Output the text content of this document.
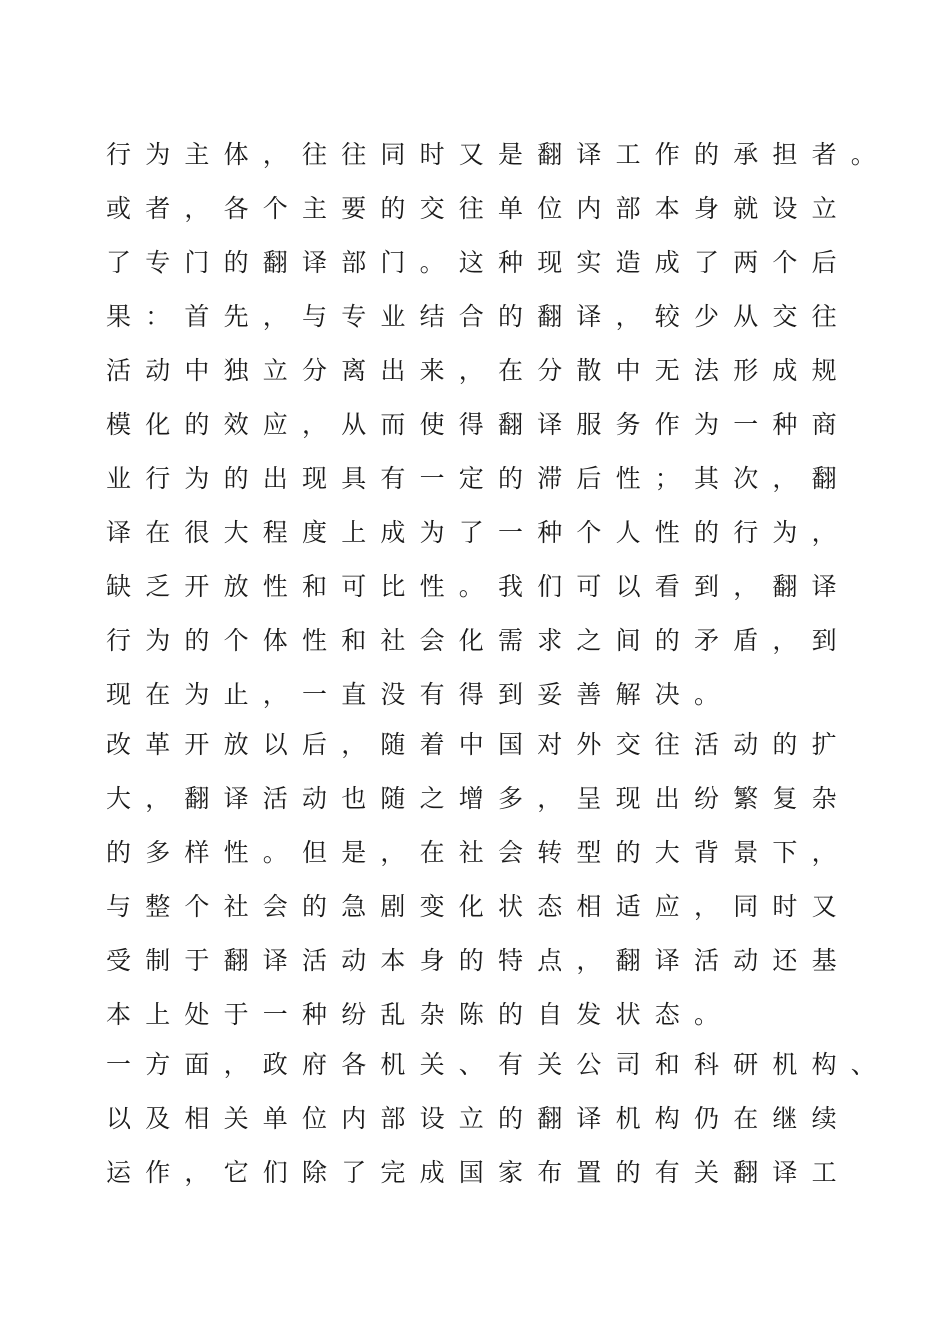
行为主体，往往同时又是翻译工作的承担者。
或者，各个主要的交往单位内部本身就设立
了专门的翻译部门。这种现实造成了两个后
果：首先，与专业结合的翻译，较少从交往
活动中独立分离出来，在分散中无法形成规
模化的效应，从而使得翻译服务作为一种商
业行为的出现具有一定的滞后性；其次，翻
译在很大程度上成为了一种个人性的行为，
缺乏开放性和可比性。我们可以看到，翻译
行为的个体性和社会化需求之间的矛盾，到
现在为止，一直没有得到妥善解决。
改革开放以后，随着中国对外交往活动的扩
大，翻译活动也随之增多，呈现出纷繁复杂
的多样性。但是，在社会转型的大背景下，
与整个社会的急剧变化状态相适应，同时又
受制于翻译活动本身的特点，翻译活动还基
本上处于一种纷乱杂陈的自发状态。
一方面，政府各机关、有关公司和科研机构、
以及相关单位内部设立的翻译机构仍在继续
运作，它们除了完成国家布置的有关翻译工
